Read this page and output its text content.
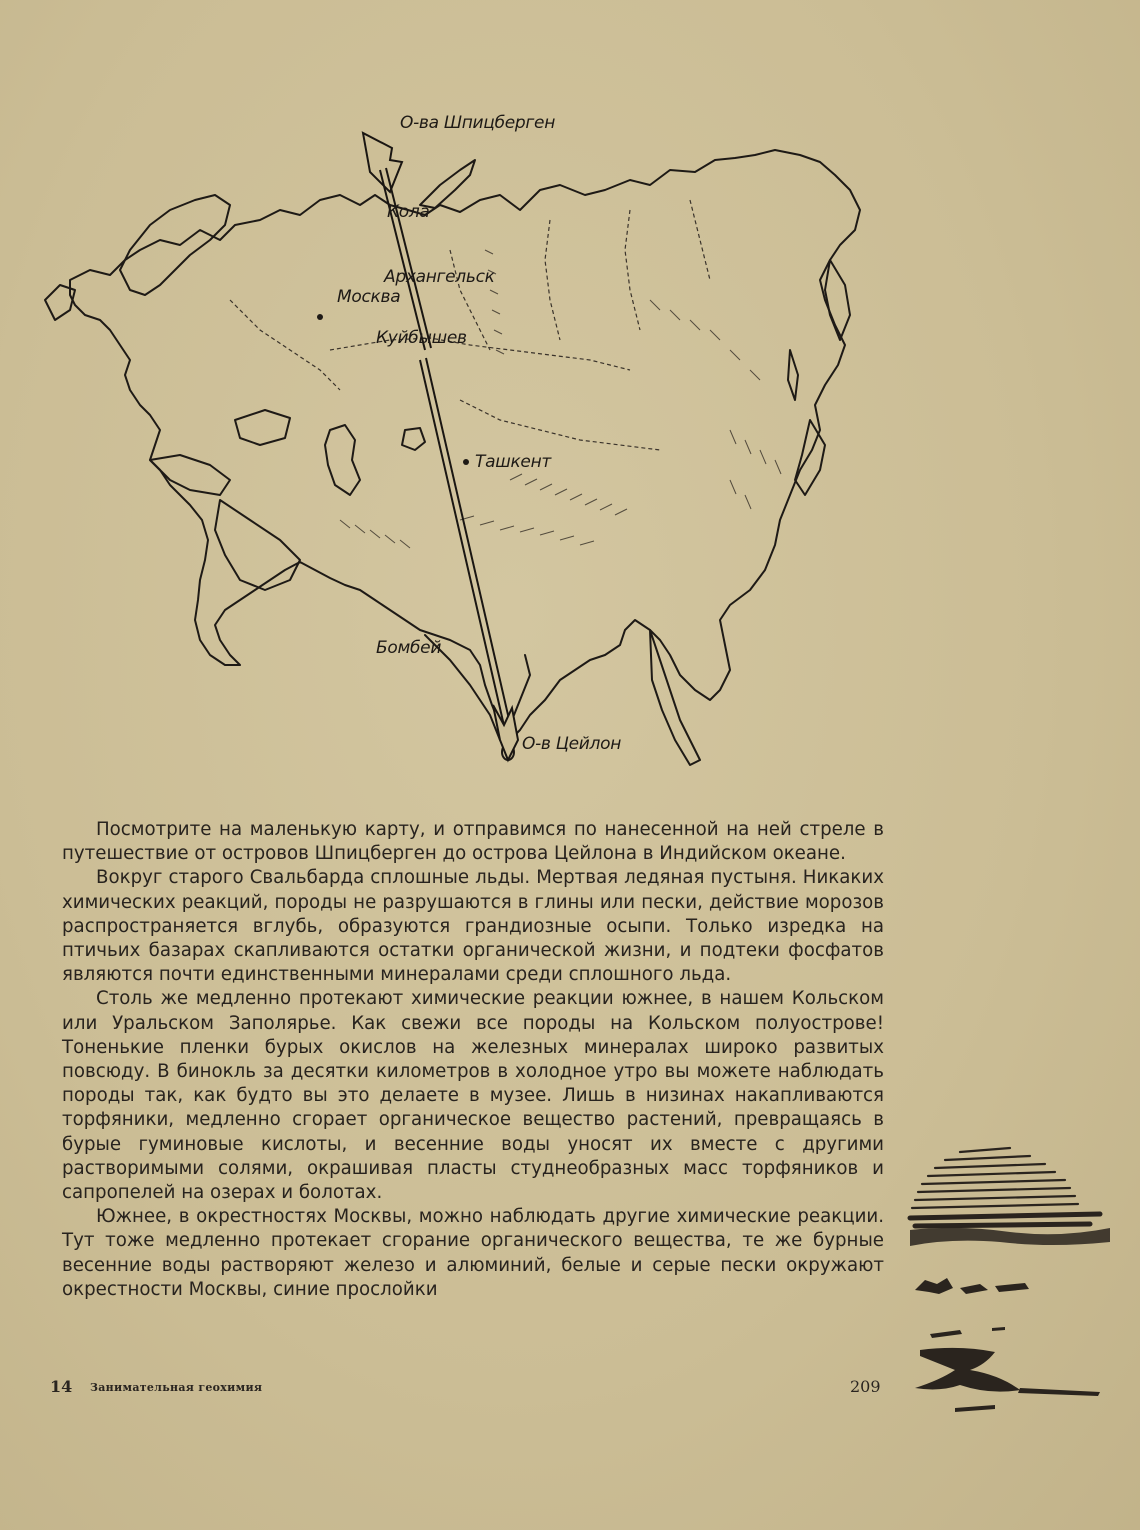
О-ва Шпицберген
Кола
Архангельск
Москва
Куйбышев
Ташкент
Бомбей
О-в Цейлон

Посмотрите на маленькую карту, и отправимся по нанесенной на ней стреле в путешествие от островов Шпицберген до острова Цейлона в Индийском океане.

Вокруг старого Свальбарда сплошные льды. Мертвая ледяная пустыня. Никаких химических реакций, породы не разрушаются в глины или пески, действие морозов распространяется вглубь, образуются грандиозные осыпи. Только изредка на птичьих базарах скапливаются остатки органической жизни, и подтеки фосфатов являются почти единственными минералами среди сплошного льда.

Столь же медленно протекают химические реакции южнее, в нашем Кольском или Уральском Заполярье. Как свежи все породы на Кольском полуострове! Тоненькие пленки бурых окислов на железных минералах широко развитых повсюду. В бинокль за десятки километров в холодное утро вы можете наблюдать породы так, как будто вы это делаете в музее. Лишь в низинах накапливаются торфяники, медленно сгорает органическое вещество растений, превращаясь в бурые гуминовые кислоты, и весенние воды уносят их вместе с другими растворимыми солями, окрашивая пласты студнеобразных масс торфяников и сапропелей на озерах и болотах.

Южнее, в окрестностях Москвы, можно наблюдать другие химические реакции. Тут тоже медленно протекает сгорание органического вещества, те же бурные весенние воды растворяют железо и алюминий, белые и серые пески окружают окрестности Москвы, синие прослойки

14 Занимательная геохимия	209
